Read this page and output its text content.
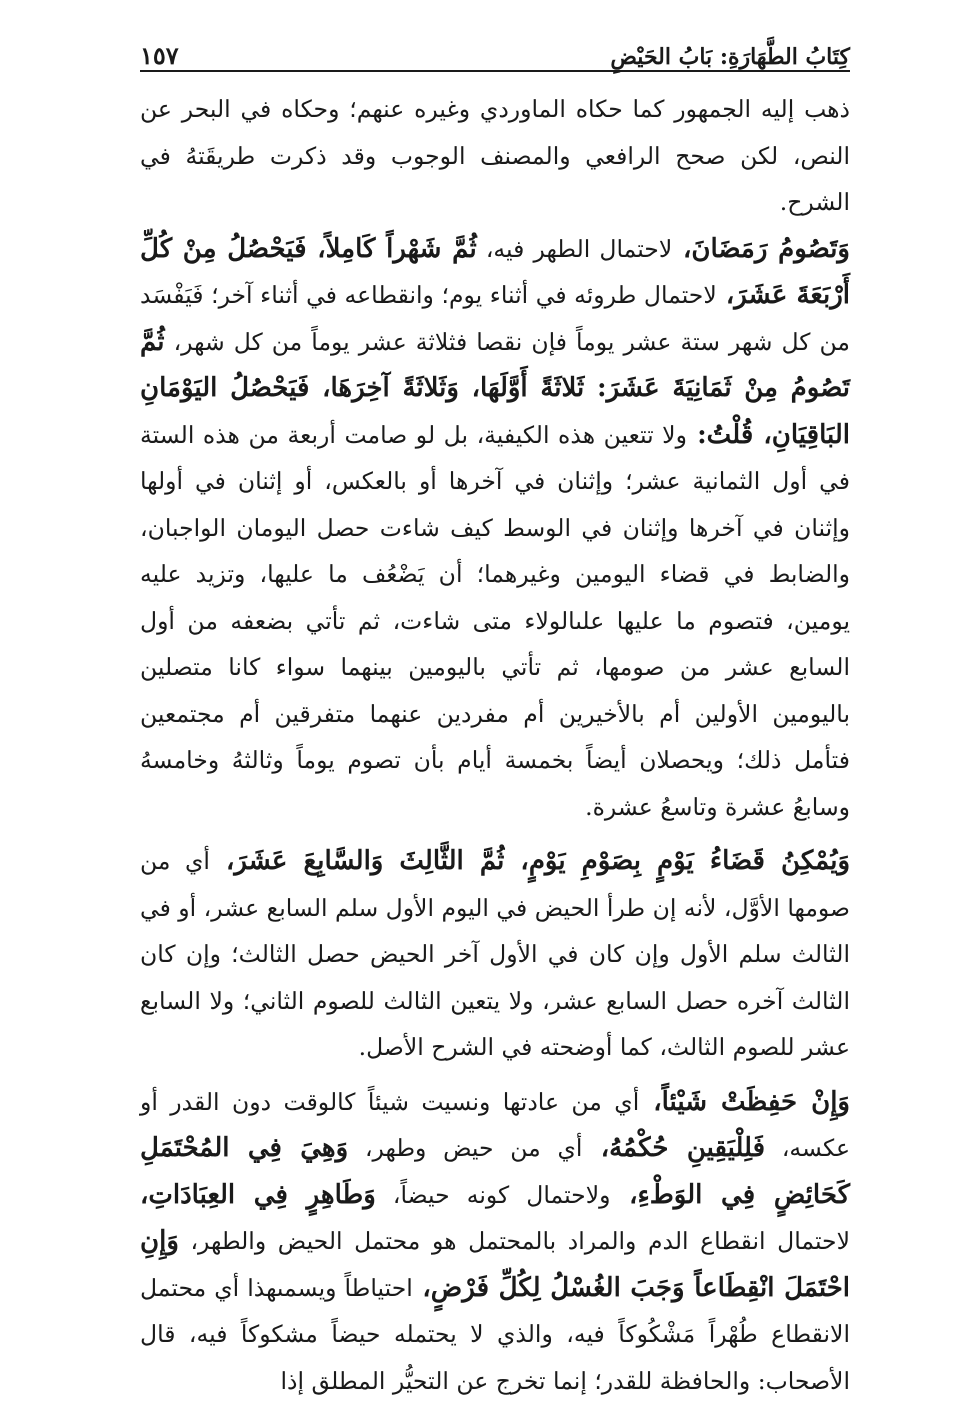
كِتَابُ الطَّهَارَةِ: بَابُ الحَيْضِ
١٥٧

ذهب إليه الجمهور كما حكاه الماوردي وغيره عنهم؛ وحكاه في البحر عن النص، لكن صحح الرافعي والمصنف الوجوب وقد ذكرت طريقَتهُ في الشرح.

وَتَصُومُ رَمَضَانَ، لاحتمال الطهر فيه، ثُمَّ شَهْراً كَامِلاً، فَيَحْصُلُ مِنْ كُلِّ أَرْبَعَةَ عَشَرَ، لاحتمال طروئه في أثناء يوم؛ وانقطاعه في أثناء آخر؛ فَيَفْسَد من كل شهر ستة عشر يوماً فإن نقصا فثلاثة عشر يوماً من كل شهر، ثُمَّ تَصُومُ مِنْ ثَمَانِيَةَ عَشَرَ: ثَلاثَةً أَوَّلَهَا، وَثَلاثَةً آخِرَهَا، فَيَحْصُلُ اليَوْمَانِ البَاقِيَانِ، قُلْتُ: ولا تتعين هذه الكيفية، بل لو صامت أربعة من هذه الستة في أول الثمانية عشر؛ وإثنان في آخرها أو بالعكس، أو إثنان في أولها وإثنان في آخرها وإثنان في الوسط كيف شاءت حصل اليومان الواجبان، والضابط في قضاء اليومين وغيرهما؛ أن يَضْعُف ما عليها، وتزيد عليه يومين، فتصوم ما عليها علىالولاء متى شاءت، ثم تأتي بضعفه من أول السابع عشر من صومها، ثم تأتي باليومين بينهما سواء كانا متصلين باليومين الأولين أم بالأخيرين أم مفردين عنهما متفرقين أم مجتمعين فتأمل ذلك؛ ويحصلان أيضاً بخمسة أيام بأن تصوم يوماً وثالثهُ وخامسهُ وسابعُ عشرة وتاسعُ عشرة.

وَيُمْكِنُ قَضَاءُ يَوْمٍ بِصَوْمِ يَوْمٍ، ثُمَّ الثَّالِثَ وَالسَّابِعَ عَشَرَ، أي من صومها الأوَّل، لأنه إن طرأ الحيض في اليوم الأول سلم السابع عشر، أو في الثالث سلم الأول وإن كان في الأول آخر الحيض حصل الثالث؛ وإن كان الثالث آخره حصل السابع عشر، ولا يتعين الثالث للصوم الثاني؛ ولا السابع عشر للصوم الثالث، كما أوضحته في الشرح الأصل.

وَإِنْ حَفِظَتْ شَيْئاً، أي من عادتها ونسيت شيئاً كالوقت دون القدر أو عكسه، فَلِلْيَقِينِ حُكْمُهُ، أي من حيض وطهر، وَهِيَ فِي المُحْتَمَلِ كَحَائِضٍ فِي الوَطْءِ، ولاحتمال كونه حيضاً، وَطَاهِرٍ فِي العِبَادَاتِ، لاحتمال انقطاع الدم والمراد بالمحتمل هو محتمل الحيض والطهر، وَإِنِ احْتَمَلَ انْقِطَاعاً وَجَبَ الغُسْلُ لِكُلِّ فَرْضٍ، احتياطاً ويسمىهذا أي محتمل الانقطاع طُهْراً مَشْكُوكاً فيه، والذي لا يحتمله حيضاً مشكوكاً فيه، قال الأصحاب: والحافظة للقدر؛ إنما تخرج عن التحيُّر المطلق إذا
